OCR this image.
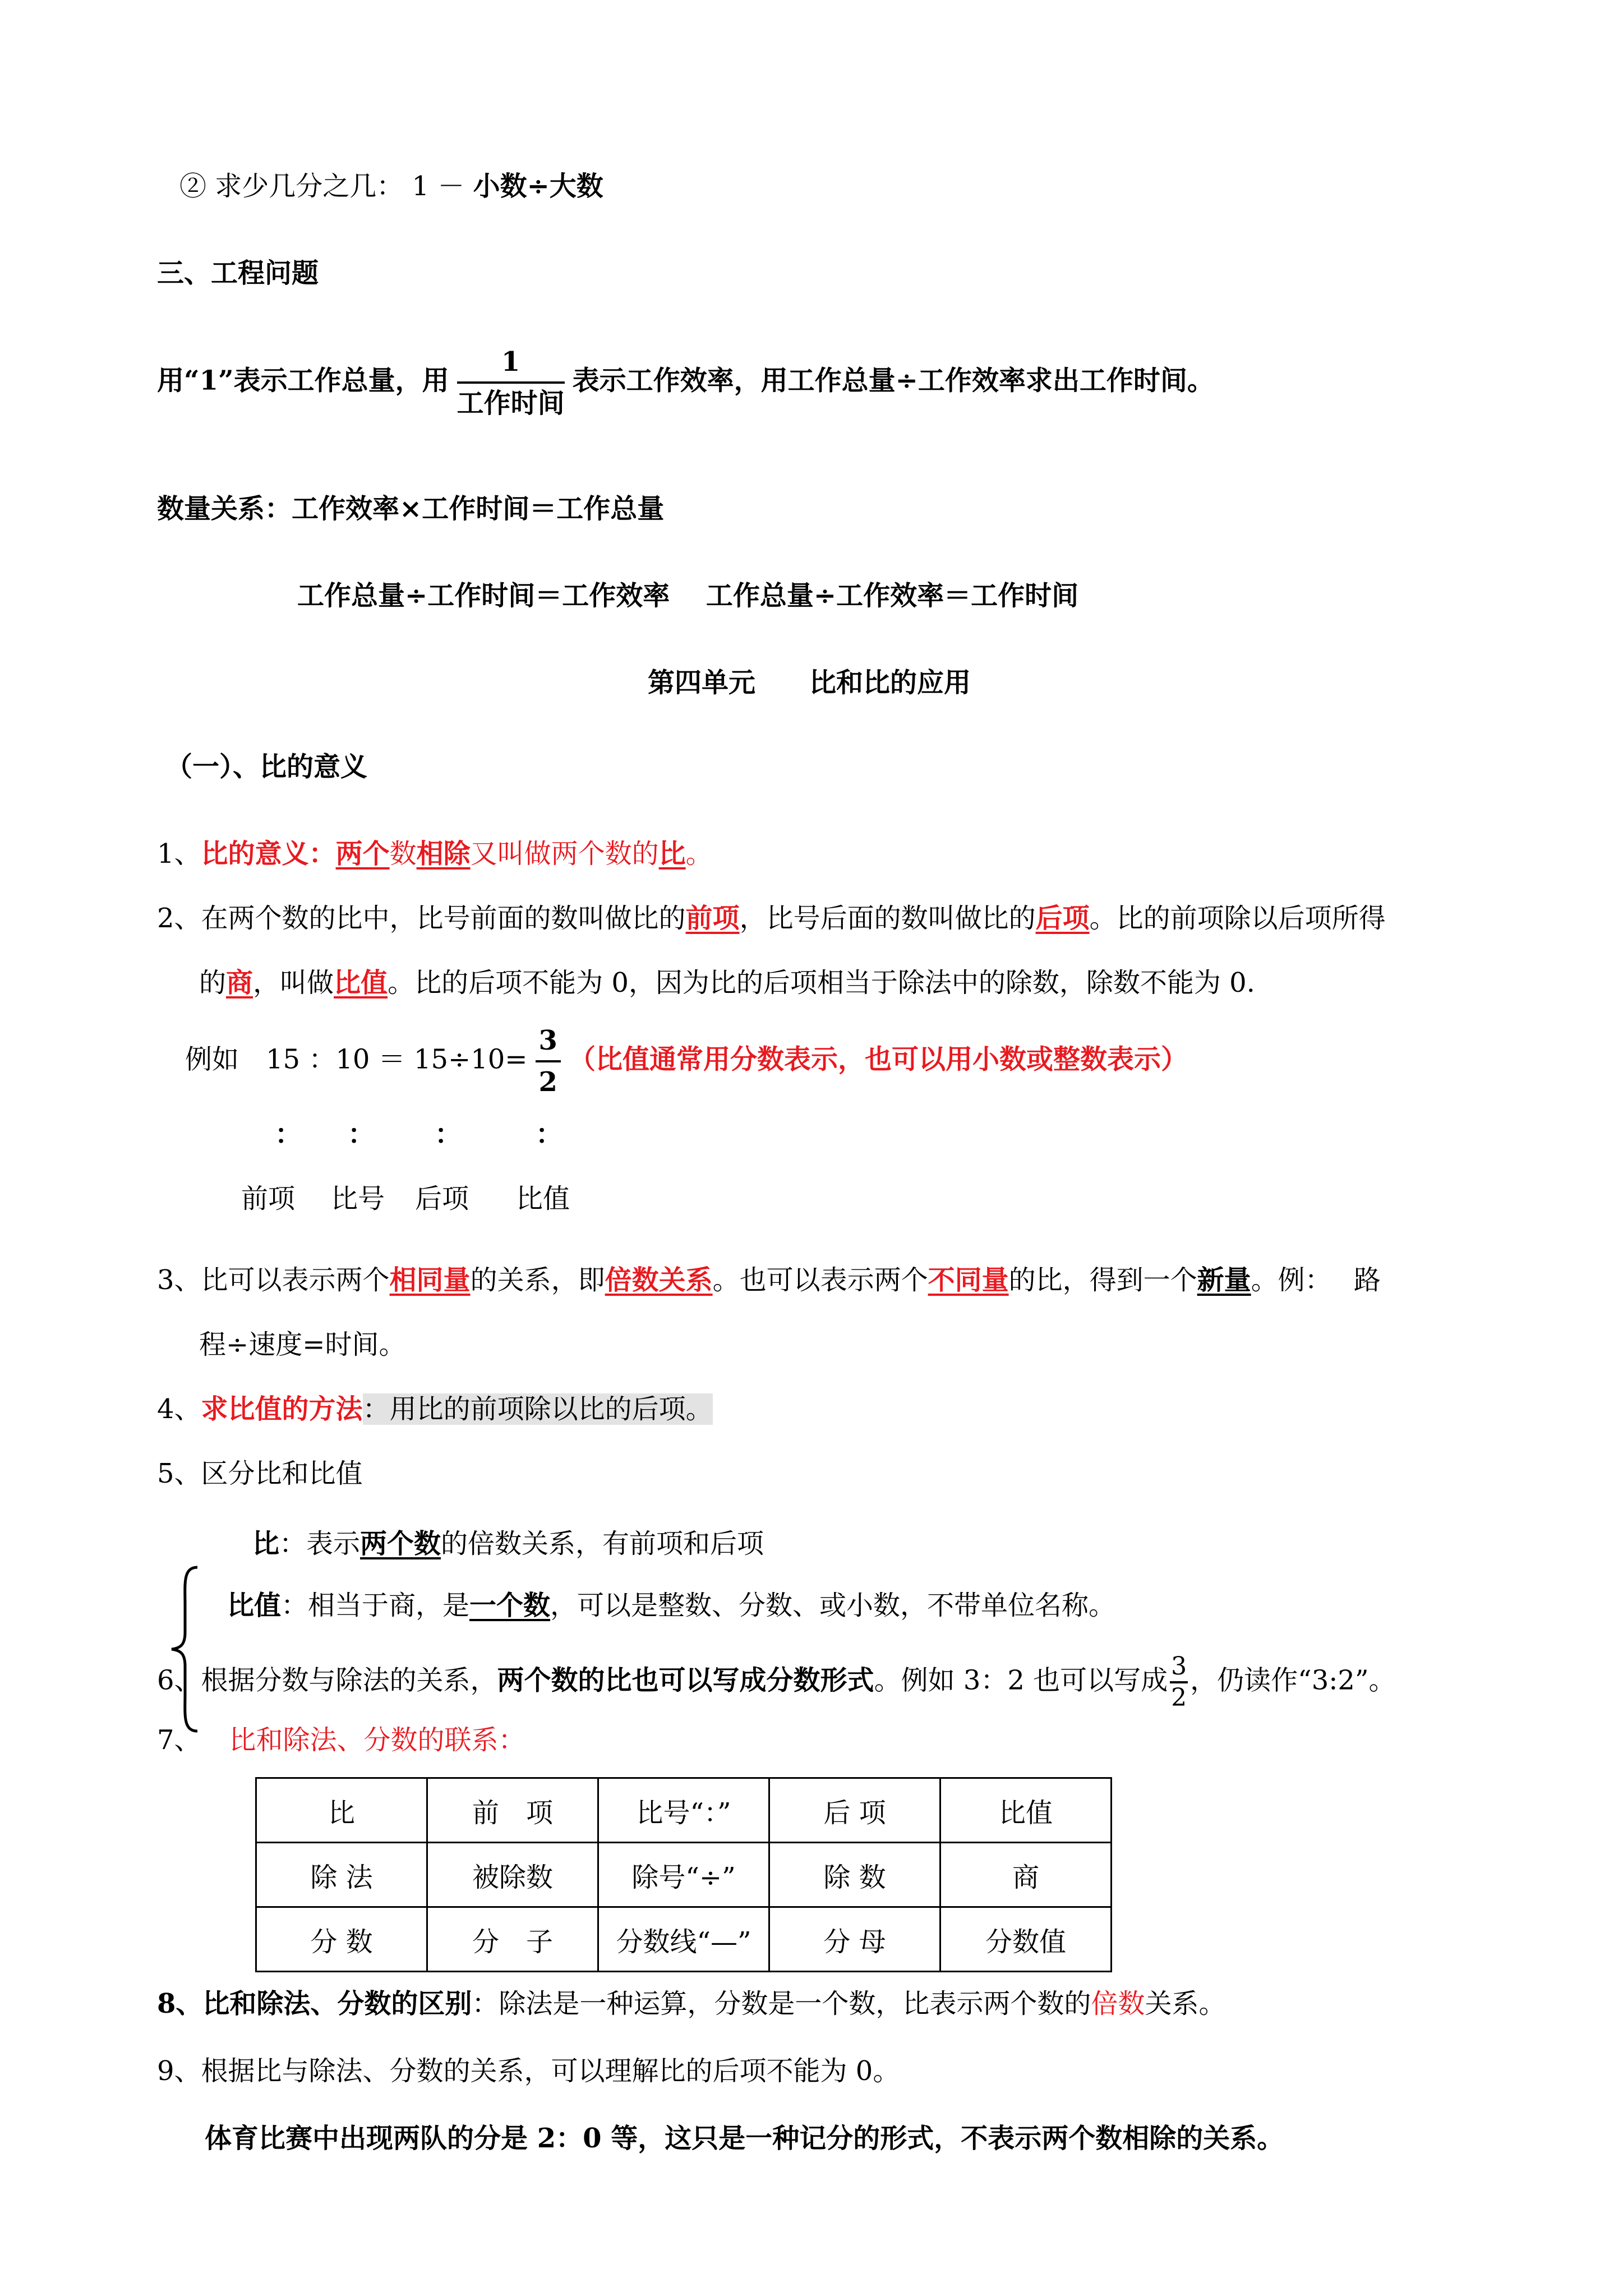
② 求少几分之几： 1 － 小数÷大数
三、工程问题
用“1”表示工作总量，用 $\frac{1}{\text{工作时间}}$ 表示工作效率，用工作总量÷工作效率求出工作时间。
数量关系：工作效率×工作时间＝工作总量
工作总量÷工作时间＝工作效率　 工作总量÷工作效率＝工作时间
第四单元　　比和比的应用
（一）、比的意义
1、比的意义：两个数相除又叫做两个数的比。
2、在两个数的比中，比号前面的数叫做比的前项，比号后面的数叫做比的后项。比的前项除以后项所得
的商，叫做比值。比的后项不能为 0，因为比的后项相当于除法中的除数，除数不能为 0.
例如　15 ：$10 = 15\div 10= \frac{3}{2}$ （比值通常用分数表示，也可以用小数或整数表示）
： ： ：	：
前项 比号 后项 比值
3、比可以表示两个相同量的关系，即倍数关系。也可以表示两个不同量的比，得到一个新量。例：　 路
程÷速度=时间。
4、求比值的方法：用比的前项除以比的后项。
5、区分比和比值
比：表示两个数的倍数关系，有前项和后项
比值：相当于商，是一个数，可以是整数、分数、或小数，不带单位名称。
6、根据分数与除法的关系，两个数的比也可以写成分数形式。例如 3：2 也可以写成 $\frac{3}{2}$ ，仍读作“3:2”。
7、 比和除法、分数的联系：
比	前　项	比号“：”	后 项	比值
除 法	被除数	除号“÷”	除 数	商
分 数	分　子	分数线“—”	分 母	分数值
8、比和除法、分数的区别：除法是一种运算，分数是一个数，比表示两个数的倍数关系。
9、根据比与除法、分数的关系，可以理解比的后项不能为 0。
体育比赛中出现两队的分是 2：0 等，这只是一种记分的形式，不表示两个数相除的关系。
